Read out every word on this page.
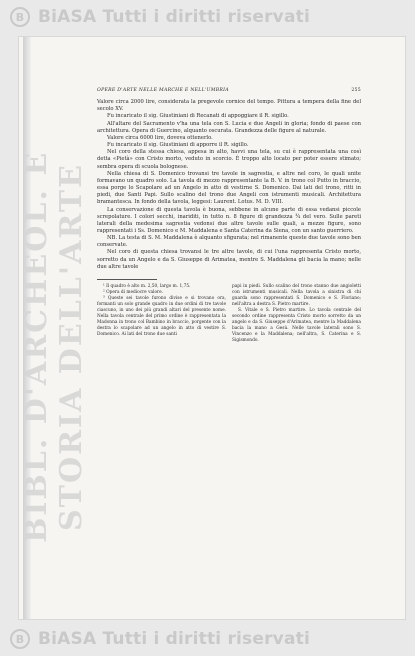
B BiASA Tutti i diritti riservati
BIBL. D'ARCHEOL. E STORIA DELL'ARTE
OPERE D'ARTE NELLE MARCHE E NELL'UMBRIA	255

Valore circa 2000 lire, considerata la pregevole cornice del tempo. Pittura a tempera della fine del secolo XV.

Fu incaricato il sig. Giustiniani di Recanati di appoggiare il R. sigillo.

All'altare del Sacramento v'ha una tela con S. Lucia e due Angeli in gloria; fondo di paese con architettura. Opera di Guercino, alquanto oscurata. Grandezza delle figure al naturale.

Valore circa 6000 lire, doveva ottenerlo.

Fu incaricato il sig. Giustiniani di apporre il R. sigillo.

Nel coro della stessa chiesa, appesa in alto, havvi una tela, su cui è rappresentata una così detta «Pietà» con Cristo morto, veduto in scorcio. È troppo alto locato per poter essere stimato; sembra opera di scuola bolognese.

Nella chiesa di S. Domenico trovansi tre tavole in sagrestia, e altre nel coro, le quali unite formavano un quadro solo. La tavola di mezzo rappresentante la B. V. in trono col Putto in braccio, essa porge lo Scapolare ad un Angelo in atto di vestirne S. Domenico. Dai lati del trono, ritti in piedi, due Santi Papi. Sullo scalino del trono due Angeli con istrumenti musicali. Architettura bramantesca. In fondo della tavola, leggesi: Laurent. Lotus. M. D. VIII.

La conservazione di questa tavola è buona, sebbene in alcune parte di essa vedansi piccole screpolature. I colori secchi, inariditi, in tutto n. 8 figure di grandezza ¾ del vero. Sulle pareti laterali della medesima sagrestia vedonsi due altre tavole sulle quali, a mezze figure, sono rappresentati i Ss. Domenico e M. Maddalena e Santa Caterina da Siena, con un santo guerriero.

NB. La testa di S. M. Maddalena è alquanto sfigurata; nel rimanente queste due tavole sono ben conservate.

Nel coro di questa chiesa trovansi le tre altre tavole, di cui l'una rappresenta Cristo morto, sorretto da un Angelo e da S. Giuseppe di Arimatea, mentre S. Maddalena gli bacia la mano; nelle due altre tavole

¹ Il quadro è alto m. 2,50, largo m. 1,75.

² Opera di mediocre valore.

³ Queste sei tavole furono divise e si trovano ora, formanti un solo grande quadro in due ordini di tre tavole ciascuno, in uno dei più grandi altari del presente nome. Nella tavola centrale del primo ordine è rappresentata la Madonna in trono col Bambino in braccio, porgente con la destra lo scapolare ad un angelo in atto di vestire S. Domenico. Ai lati del trono due santi

papi in piedi. Sullo scalino del trono stanno due angioletti con istrumenti musicali. Nella tavola a sinistra di chi guarda sono rappresentati S. Domenico e S. Floriano; nell'altra a destra S. Pietro martire.

S. Vitale e S. Pietro martire. Lo tavola centrale del secondo ordine rappresenta Cristo morto sorretto da un angelo e da S. Giuseppe d'Arimatea, mentre la Maddalena bacia la mano a Gesù. Nelle tavole laterali sono S. Vincenzo e la Maddalena; nell'altra, S. Caterina e S. Sigismondo.

B BiASA Tutti i diritti riservati
